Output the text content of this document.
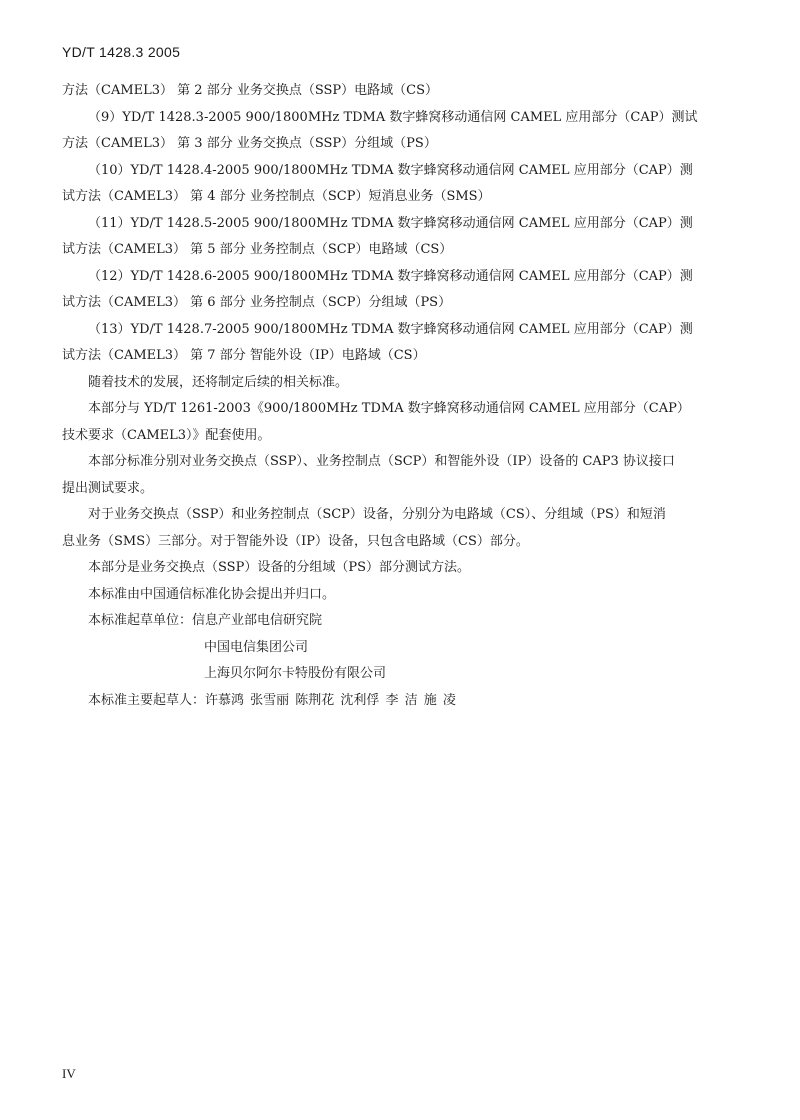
YD/T 1428.3 2005
方法（CAMEL3） 第 2 部分 业务交换点（SSP）电路域（CS）
（9）YD/T 1428.3-2005 900/1800MHz TDMA 数字蜂窝移动通信网 CAMEL 应用部分（CAP）测试
方法（CAMEL3） 第 3 部分 业务交换点（SSP）分组域（PS）
（10）YD/T 1428.4-2005 900/1800MHz TDMA 数字蜂窝移动通信网 CAMEL 应用部分（CAP）测
试方法（CAMEL3） 第 4 部分 业务控制点（SCP）短消息业务（SMS）
（11）YD/T 1428.5-2005 900/1800MHz TDMA 数字蜂窝移动通信网 CAMEL 应用部分（CAP）测
试方法（CAMEL3） 第 5 部分 业务控制点（SCP）电路域（CS）
（12）YD/T 1428.6-2005 900/1800MHz TDMA 数字蜂窝移动通信网 CAMEL 应用部分（CAP）测
试方法（CAMEL3） 第 6 部分 业务控制点（SCP）分组域（PS）
（13）YD/T 1428.7-2005 900/1800MHz TDMA 数字蜂窝移动通信网 CAMEL 应用部分（CAP）测
试方法（CAMEL3） 第 7 部分 智能外设（IP）电路域（CS）
随着技术的发展，还将制定后续的相关标准。
本部分与 YD/T 1261-2003《900/1800MHz TDMA 数字蜂窝移动通信网 CAMEL 应用部分（CAP）
技术要求（CAMEL3）》配套使用。
本部分标准分别对业务交换点（SSP）、业务控制点（SCP）和智能外设（IP）设备的 CAP3 协议接口
提出测试要求。
对于业务交换点（SSP）和业务控制点（SCP）设备，分别分为电路域（CS）、分组域（PS）和短消
息业务（SMS）三部分。对于智能外设（IP）设备，只包含电路域（CS）部分。
本部分是业务交换点（SSP）设备的分组域（PS）部分测试方法。
本标准由中国通信标准化协会提出并归口。
本标准起草单位：信息产业部电信研究院
中国电信集团公司
上海贝尔阿尔卡特股份有限公司
本标准主要起草人：许慕鸿 张雪丽 陈荆花 沈利俘 李 洁 施 凌
IV
